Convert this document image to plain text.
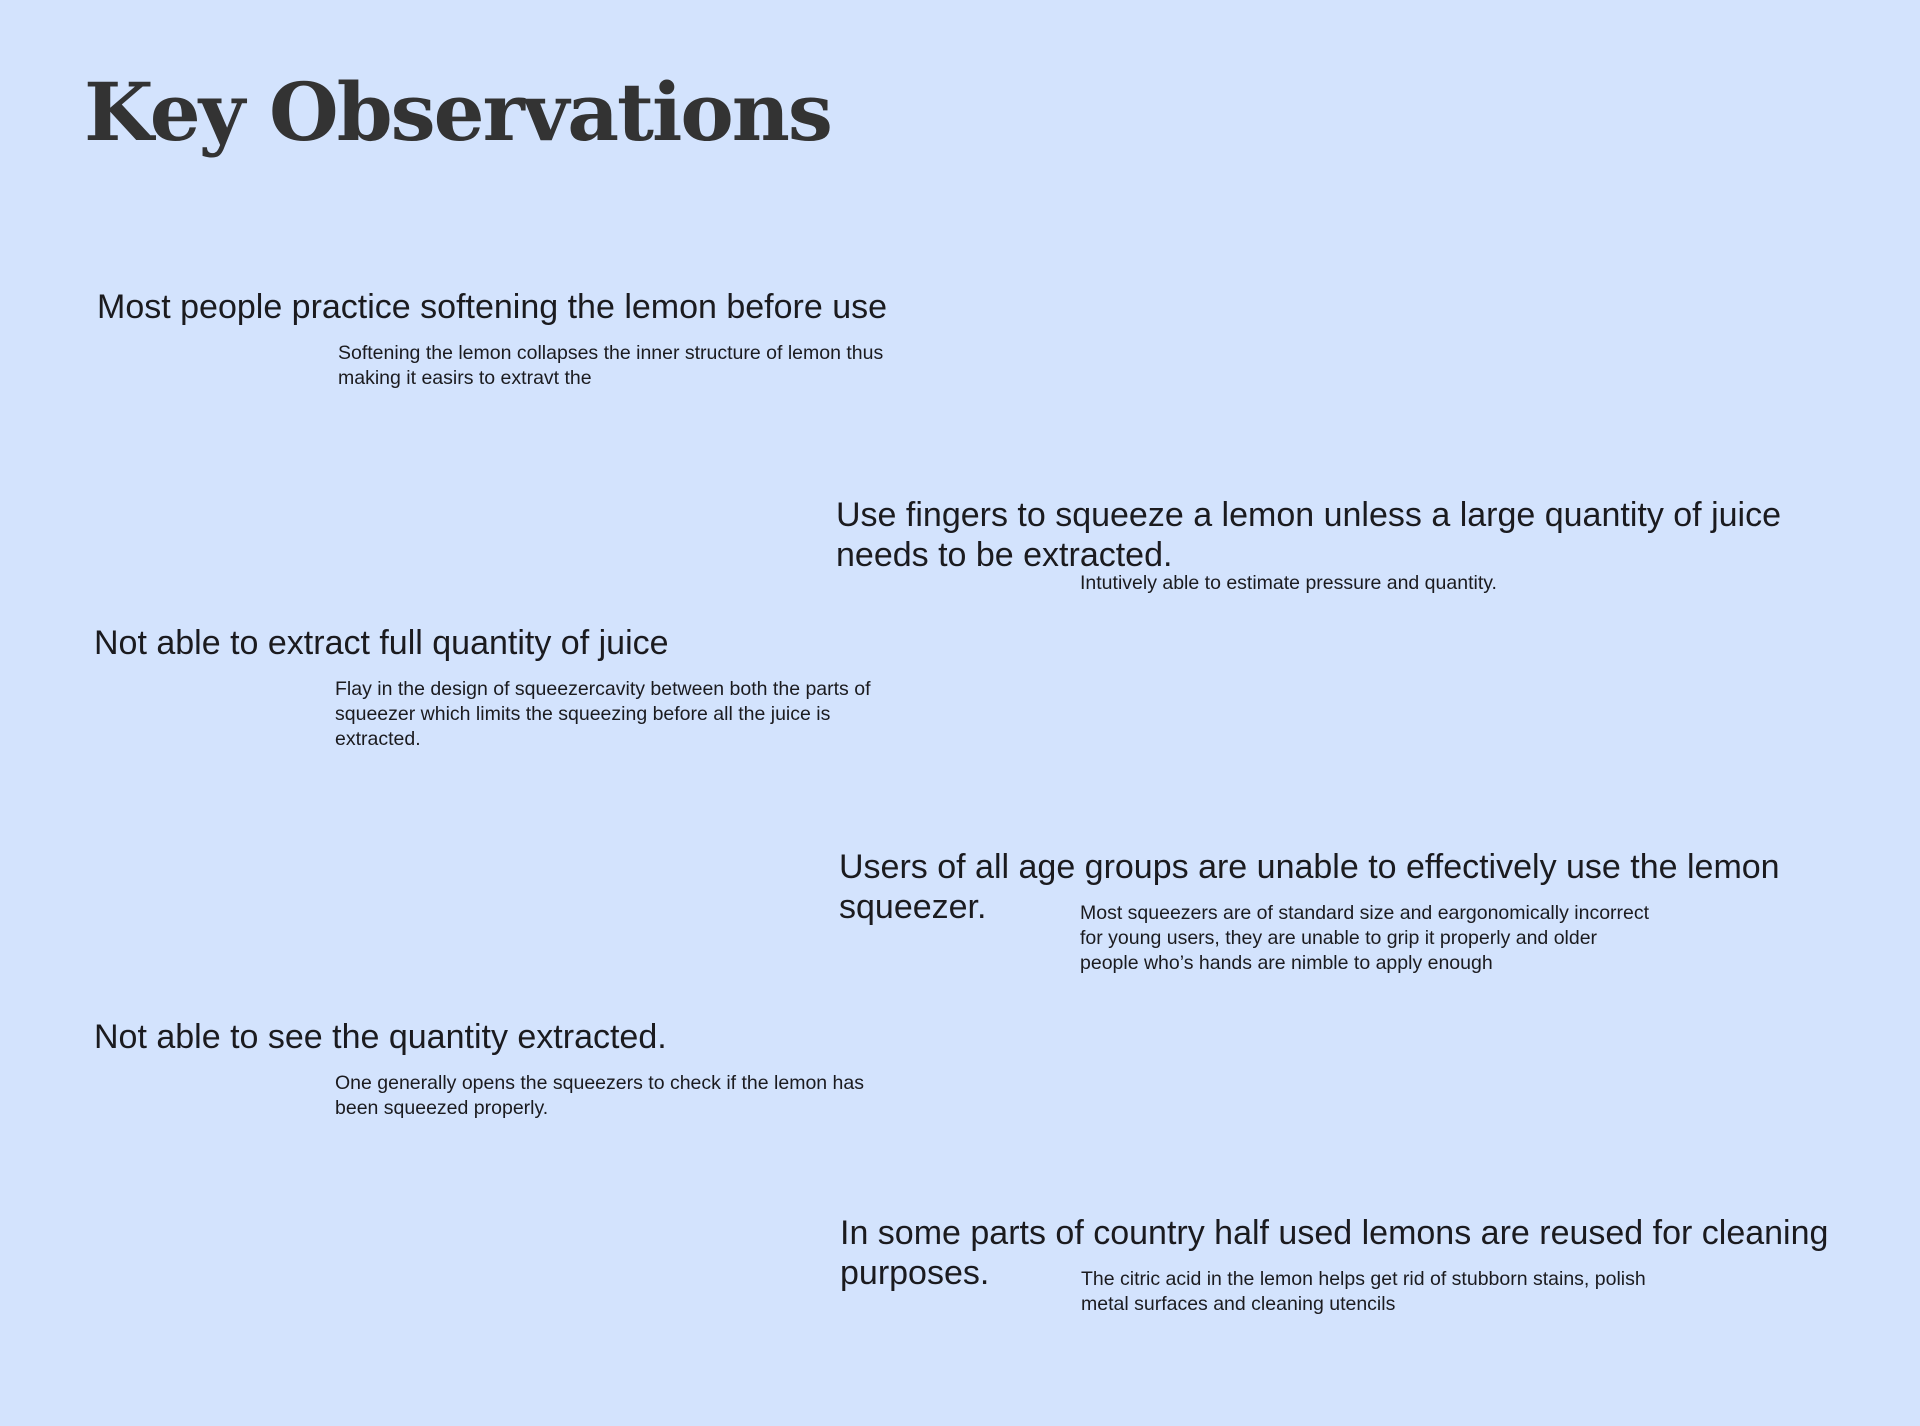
Key Observations
Most people practice softening the lemon before use
Softening the lemon collapses the inner structure of lemon thus making it easirs to extravt the
Use fingers to squeeze a lemon unless a large quantity of juice needs to be extracted.
Intutively able to estimate pressure and quantity.
Not able to extract full quantity of juice
Flay in the design of squeezercavity between both the parts of squeezer which limits the squeezing before all the juice is extracted.
Users of all age groups are unable to effectively use the lemon squeezer.	Most squeezers are of standard size and eargonomically incorrect for young users, they are unable to grip it properly and older people who’s hands are nimble to apply enough
Not able to see the quantity extracted.
One generally opens the squeezers to check if the lemon has been squeezed properly.
In some parts of country half used lemons are reused for cleaning purposes.	The citric acid in the lemon helps get rid of stubborn stains, polish metal surfaces and cleaning utencils
